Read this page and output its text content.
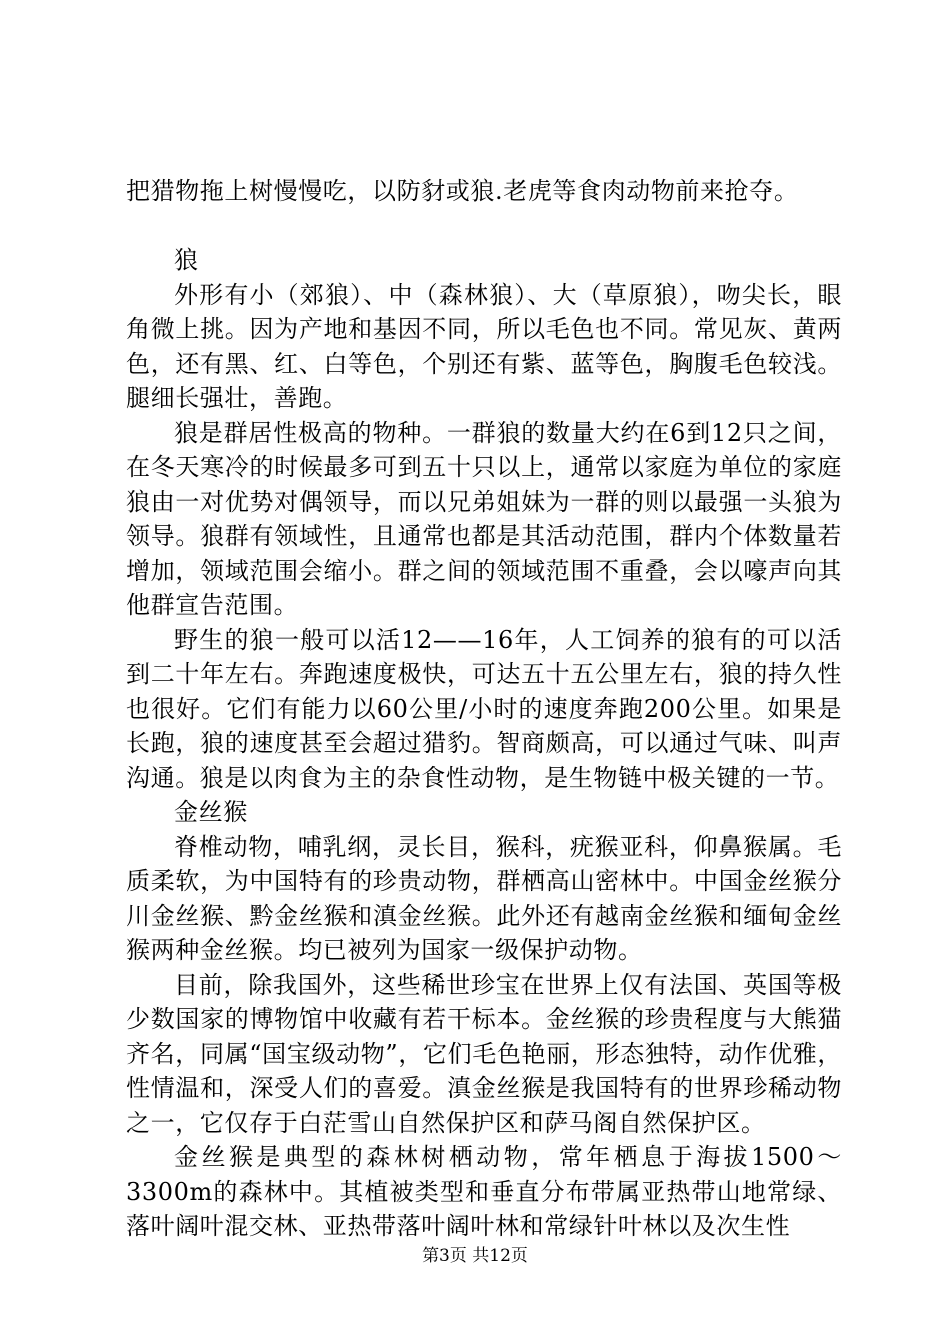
把猎物拖上树慢慢吃，以防豺或狼.老虎等食肉动物前来抢夺。

狼

外形有小（郊狼）、中（森林狼）、大（草原狼），吻尖长，眼角微上挑。因为产地和基因不同，所以毛色也不同。常见灰、黄两色，还有黑、红、白等色，个别还有紫、蓝等色，胸腹毛色较浅。腿细长强壮，善跑。

狼是群居性极高的物种。一群狼的数量大约在6到12只之间，在冬天寒冷的时候最多可到五十只以上，通常以家庭为单位的家庭狼由一对优势对偶领导，而以兄弟姐妹为一群的则以最强一头狼为领导。狼群有领域性，且通常也都是其活动范围，群内个体数量若增加，领域范围会缩小。群之间的领域范围不重叠，会以嚎声向其他群宣告范围。

野生的狼一般可以活12——16年，人工饲养的狼有的可以活到二十年左右。奔跑速度极快，可达五十五公里左右，狼的持久性也很好。它们有能力以60公里/小时的速度奔跑200公里。如果是长跑，狼的速度甚至会超过猎豹。智商颇高，可以通过气味、叫声沟通。狼是以肉食为主的杂食性动物，是生物链中极关键的一节。

金丝猴

脊椎动物，哺乳纲，灵长目，猴科，疣猴亚科，仰鼻猴属。毛质柔软，为中国特有的珍贵动物，群栖高山密林中。中国金丝猴分川金丝猴、黔金丝猴和滇金丝猴。此外还有越南金丝猴和缅甸金丝猴两种金丝猴。均已被列为国家一级保护动物。

目前，除我国外，这些稀世珍宝在世界上仅有法国、英国等极少数国家的博物馆中收藏有若干标本。金丝猴的珍贵程度与大熊猫齐名，同属“国宝级动物”，它们毛色艳丽，形态独特，动作优雅，性情温和，深受人们的喜爱。滇金丝猴是我国特有的世界珍稀动物之一，它仅存于白茫雪山自然保护区和萨马阁自然保护区。

金丝猴是典型的森林树栖动物，常年栖息于海拔1500～3300m的森林中。其植被类型和垂直分布带属亚热带山地常绿、落叶阔叶混交林、亚热带落叶阔叶林和常绿针叶林以及次生性

第3页 共12页
